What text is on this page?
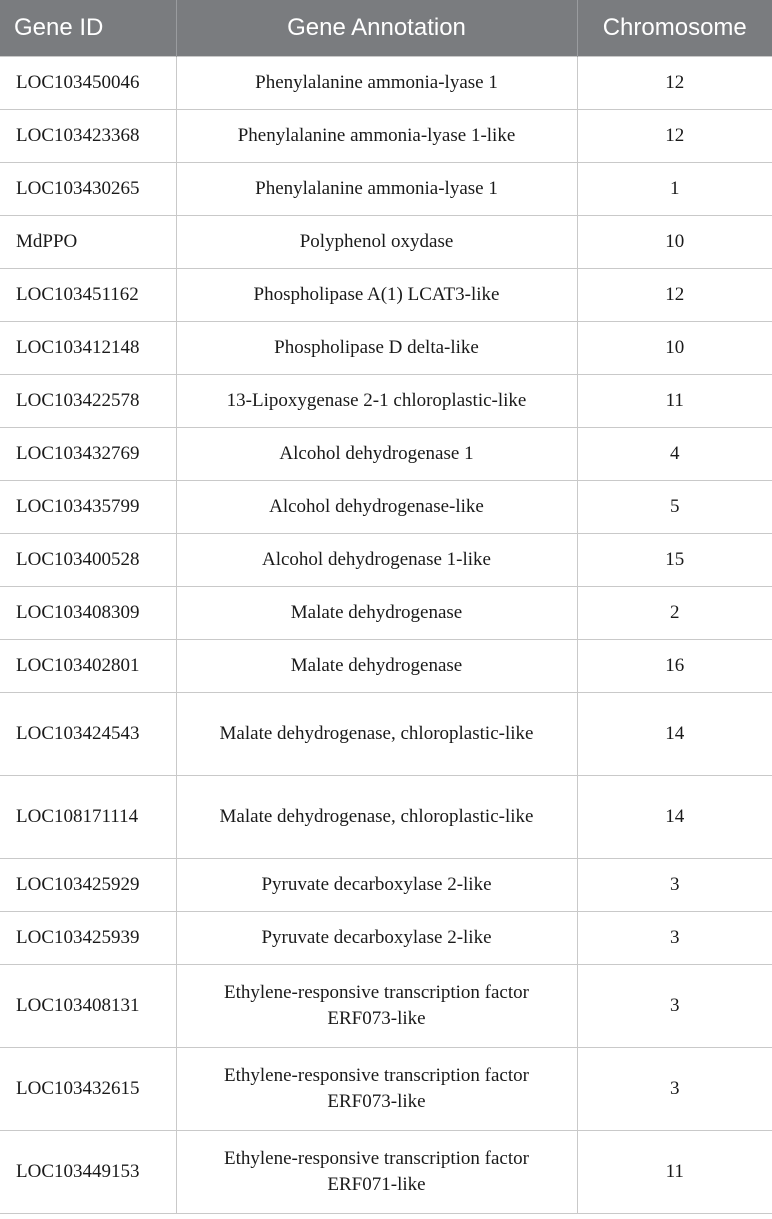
Gene ID	Gene Annotation	Chromosome
LOC103450046	Phenylalanine ammonia-lyase 1	12
LOC103423368	Phenylalanine ammonia-lyase 1-like	12
LOC103430265	Phenylalanine ammonia-lyase 1	1
MdPPO	Polyphenol oxydase	10
LOC103451162	Phospholipase A(1) LCAT3-like	12
LOC103412148	Phospholipase D delta-like	10
LOC103422578	13-Lipoxygenase 2-1 chloroplastic-like	11
LOC103432769	Alcohol dehydrogenase 1	4
LOC103435799	Alcohol dehydrogenase-like	5
LOC103400528	Alcohol dehydrogenase 1-like	15
LOC103408309	Malate dehydrogenase	2
LOC103402801	Malate dehydrogenase	16
LOC103424543	Malate dehydrogenase, chloroplastic-like	14
LOC108171114	Malate dehydrogenase, chloroplastic-like	14
LOC103425929	Pyruvate decarboxylase 2-like	3
LOC103425939	Pyruvate decarboxylase 2-like	3
LOC103408131	Ethylene-responsive transcription factor ERF073-like	3
LOC103432615	Ethylene-responsive transcription factor ERF073-like	3
LOC103449153	Ethylene-responsive transcription factor ERF071-like	11
